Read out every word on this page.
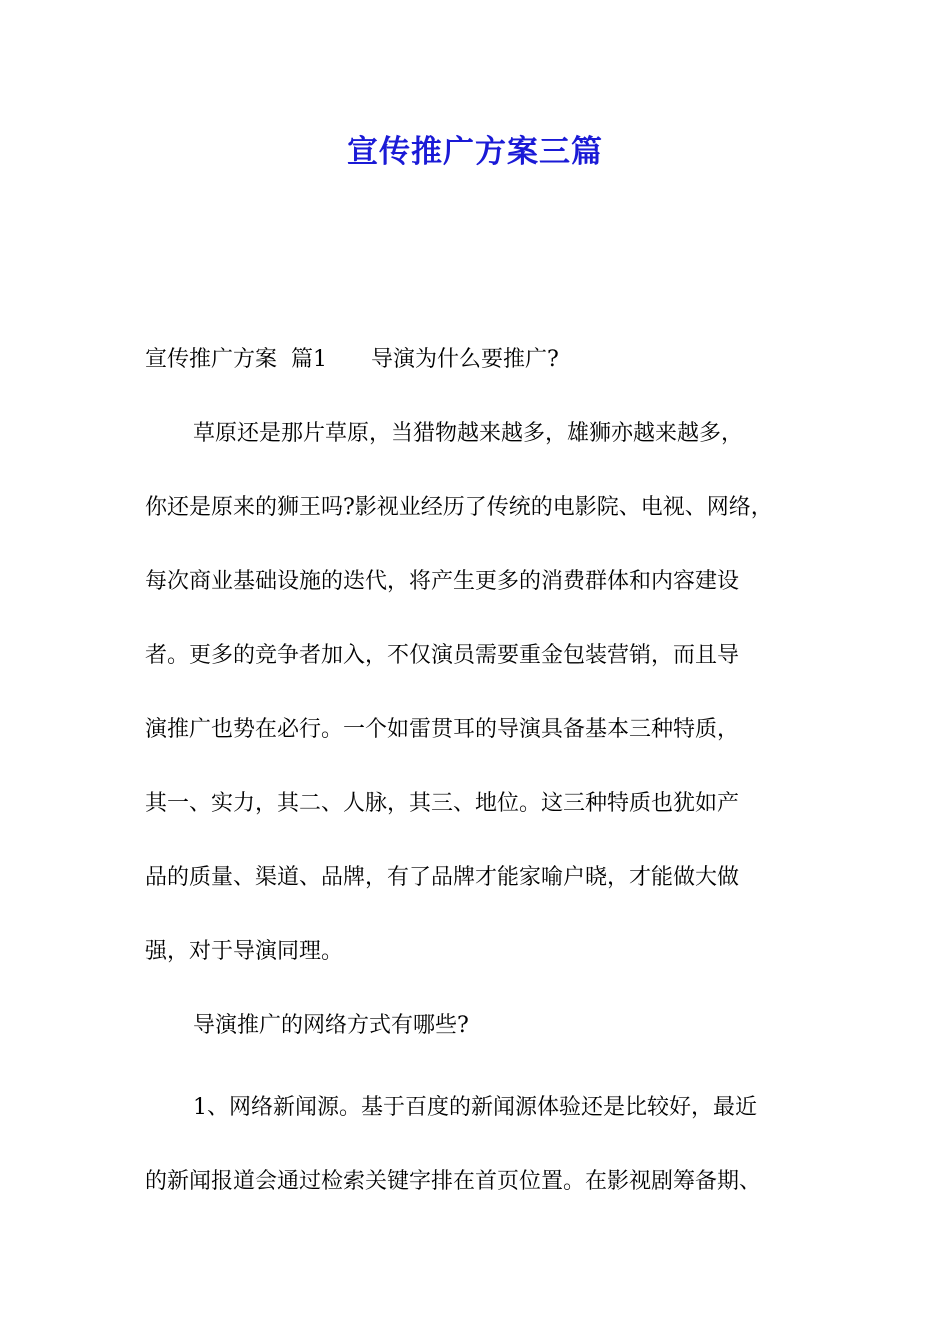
宣传推广方案三篇

宣传推广方案  篇1 导演为什么要推广?

草原还是那片草原，当猎物越来越多，雄狮亦越来越多，

你还是原来的狮王吗?影视业经历了传统的电影院、电视、网络，

每次商业基础设施的迭代，将产生更多的消费群体和内容建设

者。更多的竞争者加入，不仅演员需要重金包装营销，而且导

演推广也势在必行。一个如雷贯耳的导演具备基本三种特质，

其一、实力，其二、人脉，其三、地位。这三种特质也犹如产

品的质量、渠道、品牌，有了品牌才能家喻户晓，才能做大做

强，对于导演同理。

导演推广的网络方式有哪些?

1、网络新闻源。基于百度的新闻源体验还是比较好，最近

的新闻报道会通过检索关键字排在首页位置。在影视剧筹备期、
